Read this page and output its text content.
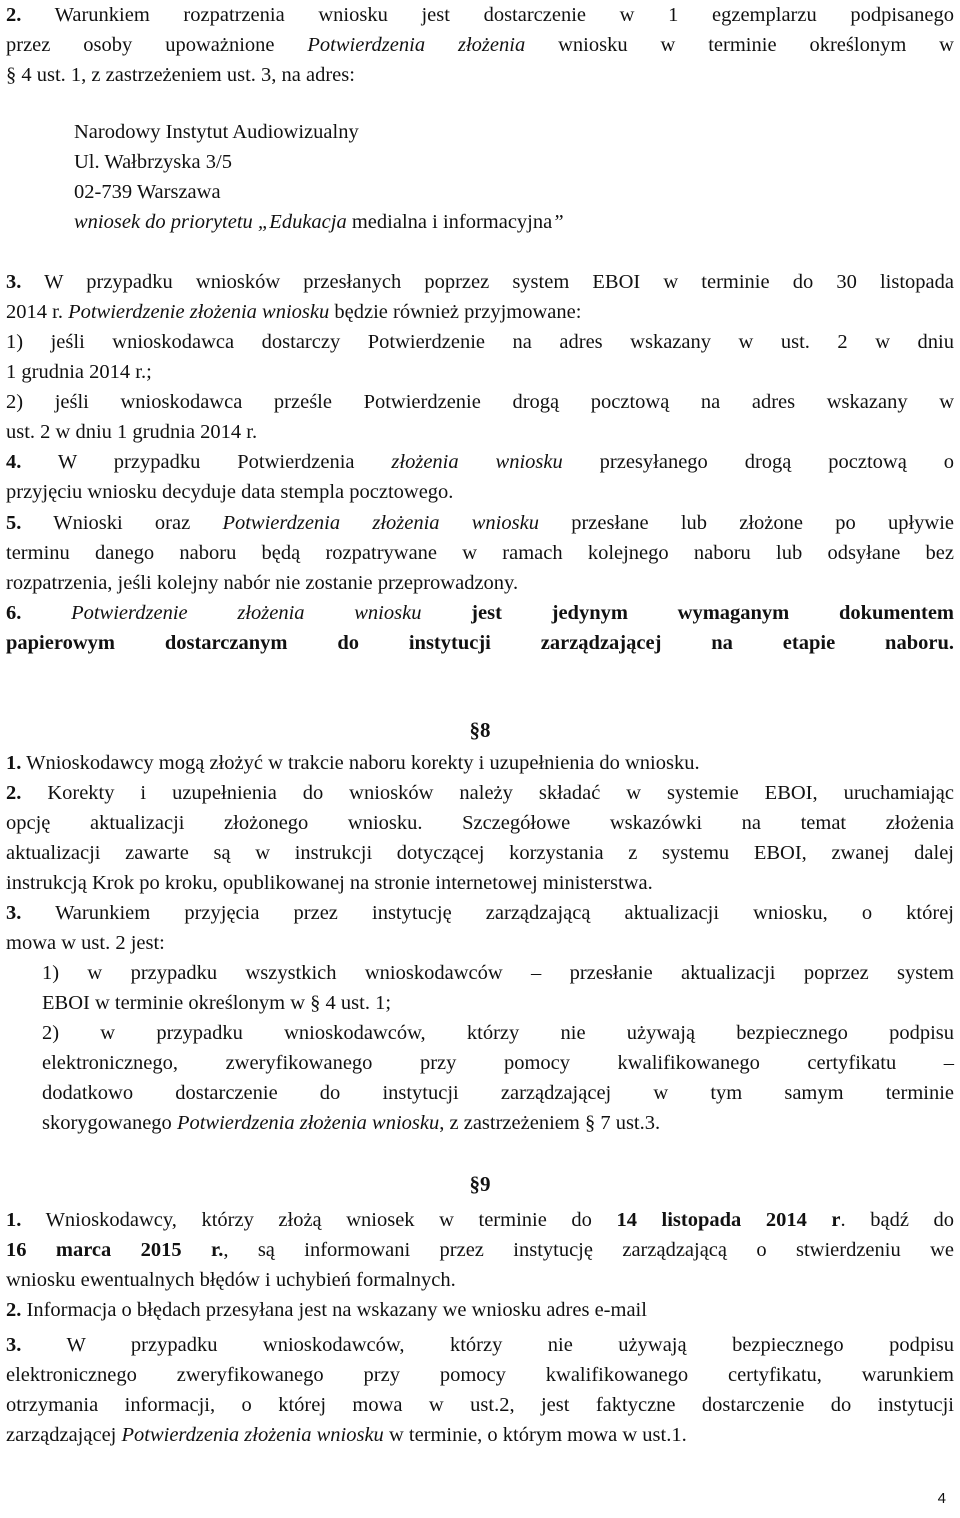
2. Warunkiem rozpatrzenia wniosku jest dostarczenie w 1 egzemplarzu podpisanego
przez osoby upoważnione Potwierdzenia złożenia wniosku w terminie określonym w
§ 4 ust. 1, z zastrzeżeniem ust. 3, na adres:
Narodowy Instytut Audiowizualny
Ul. Wałbrzyska 3/5
02-739 Warszawa
wniosek do priorytetu „Edukacja medialna i informacyjna”
3. W przypadku wniosków przesłanych poprzez system EBOI w terminie do 30 listopada
2014 r. Potwierdzenie złożenia wniosku będzie również przyjmowane:
1) jeśli wnioskodawca dostarczy Potwierdzenie na adres wskazany w ust. 2 w dniu
1 grudnia 2014 r.;
2) jeśli wnioskodawca prześle Potwierdzenie drogą pocztową na adres wskazany w
ust. 2 w dniu 1 grudnia 2014 r.
4. W przypadku Potwierdzenia złożenia wniosku przesyłanego drogą pocztową o
przyjęciu wniosku decyduje data stempla pocztowego.
5. Wnioski oraz Potwierdzenia złożenia wniosku przesłane lub złożone po upływie
terminu danego naboru będą rozpatrywane w ramach kolejnego naboru lub odsyłane bez
rozpatrzenia, jeśli kolejny nabór nie zostanie przeprowadzony.
6. Potwierdzenie złożenia wniosku jest jedynym wymaganym dokumentem
papierowym dostarczanym do instytucji zarządzającej na etapie naboru.
§8
1. Wnioskodawcy mogą złożyć w trakcie naboru korekty i uzupełnienia do wniosku.
2. Korekty i uzupełnienia do wniosków należy składać w systemie EBOI, uruchamiając
opcję aktualizacji złożonego wniosku. Szczegółowe wskazówki na temat złożenia
aktualizacji zawarte są w instrukcji dotyczącej korzystania z systemu EBOI, zwanej dalej
instrukcją Krok po kroku, opublikowanej na stronie internetowej ministerstwa.
3. Warunkiem przyjęcia przez instytucję zarządzającą aktualizacji wniosku, o której
mowa w ust. 2 jest:
1) w przypadku wszystkich wnioskodawców – przesłanie aktualizacji poprzez system
EBOI w terminie określonym w § 4 ust. 1;
2) w przypadku wnioskodawców, którzy nie używają bezpiecznego podpisu
elektronicznego, zweryfikowanego przy pomocy kwalifikowanego certyfikatu –
dodatkowo dostarczenie do instytucji zarządzającej w tym samym terminie
skorygowanego Potwierdzenia złożenia wniosku, z zastrzeżeniem § 7 ust.3.
§9
1. Wnioskodawcy, którzy złożą wniosek w terminie do 14 listopada 2014 r. bądź do
16 marca 2015 r., są informowani przez instytucję zarządzającą o stwierdzeniu we
wniosku ewentualnych błędów i uchybień formalnych.
2. Informacja o błędach przesyłana jest na wskazany we wniosku adres e-mail
3. W przypadku wnioskodawców, którzy nie używają bezpiecznego podpisu
elektronicznego zweryfikowanego przy pomocy kwalifikowanego certyfikatu, warunkiem
otrzymania informacji, o której mowa w ust.2, jest faktyczne dostarczenie do instytucji
zarządzającej Potwierdzenia złożenia wniosku w terminie, o którym mowa w ust.1.
4
